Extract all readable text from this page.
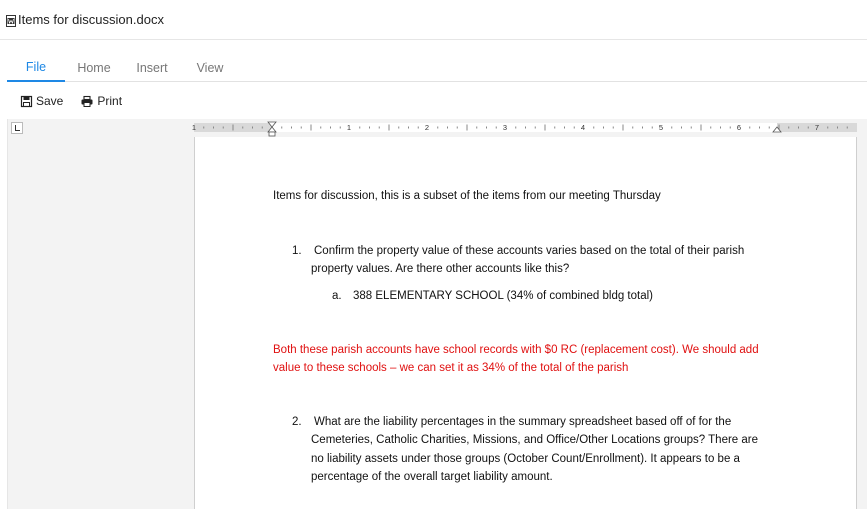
Items for discussion.docx
File	Home	Insert	View
Save	Print
1	1	2	3	4	5	6	7
Items for discussion, this is a subset of the items from our meeting Thursday
1. Confirm the property value of these accounts varies based on the total of their parish
property values. Are there other accounts like this?
a. 388 ELEMENTARY SCHOOL (34% of combined bldg total)
Both these parish accounts have school records with $0 RC (replacement cost). We should add
value to these schools – we can set it as 34% of the total of the parish
2. What are the liability percentages in the summary spreadsheet based off of for the
Cemeteries, Catholic Charities, Missions, and Office/Other Locations groups? There are
no liability assets under those groups (October Count/Enrollment). It appears to be a
percentage of the overall target liability amount.
